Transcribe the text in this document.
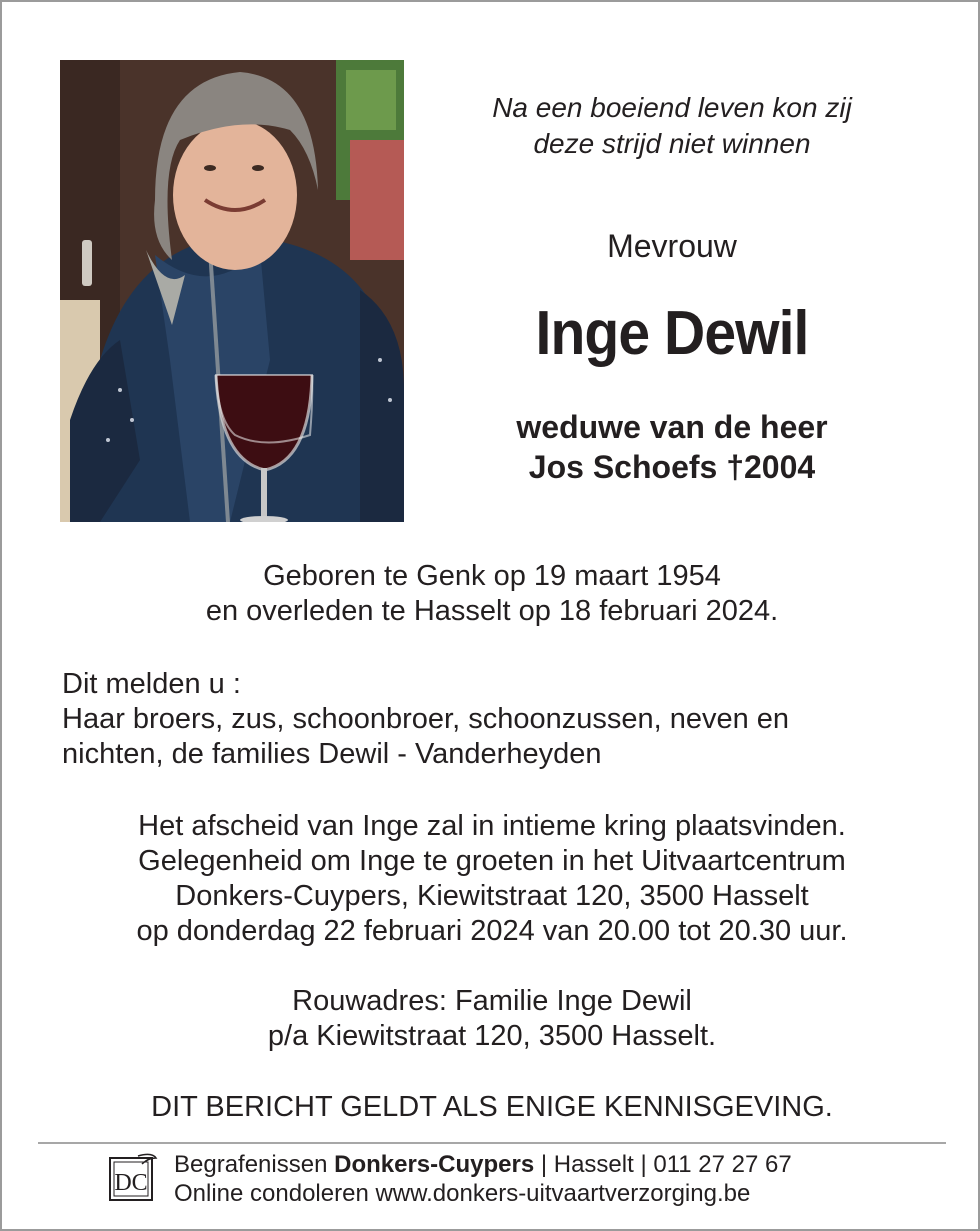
Na een boeiend leven kon zij
deze strijd niet winnen
Mevrouw
Inge Dewil
weduwe van de heer
Jos Schoefs †2004
Geboren te Genk op 19 maart 1954
en overleden te Hasselt op 18 februari 2024.
Dit melden u :
Haar broers, zus, schoonbroer, schoonzussen, neven en
nichten, de families Dewil - Vanderheyden
Het afscheid van Inge zal in intieme kring plaatsvinden.
Gelegenheid om Inge te groeten in het Uitvaartcentrum
Donkers-Cuypers, Kiewitstraat 120, 3500 Hasselt
op donderdag 22 februari 2024 van 20.00 tot 20.30 uur.
Rouwadres: Familie Inge Dewil
p/a Kiewitstraat 120, 3500 Hasselt.
DIT BERICHT GELDT ALS ENIGE KENNISGEVING.
DC
Begrafenissen Donkers-Cuypers | Hasselt | 011 27 27 67
Online condoleren www.donkers-uitvaartverzorging.be
